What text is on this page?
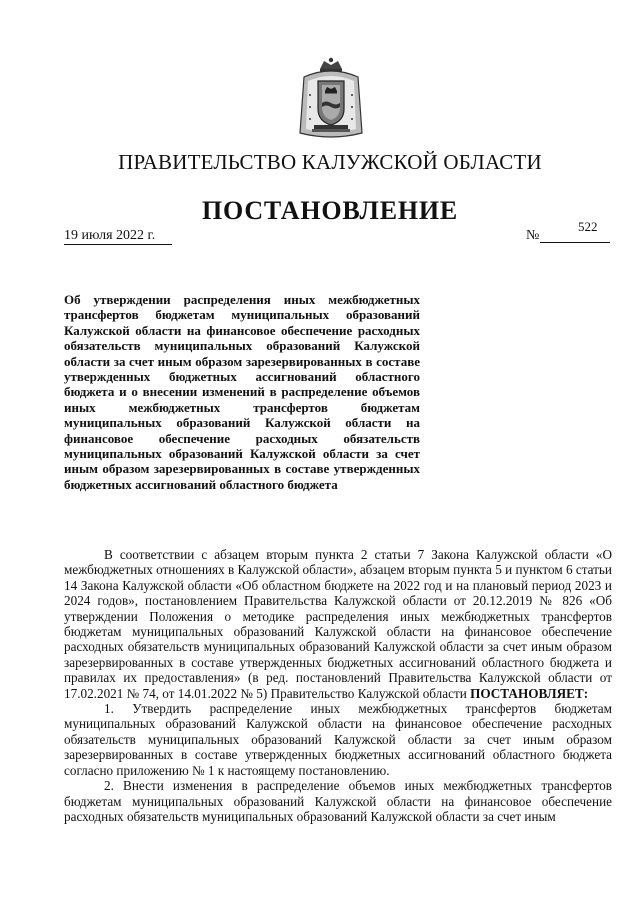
ПРАВИТЕЛЬСТВО КАЛУЖСКОЙ ОБЛАСТИ
ПОСТАНОВЛЕНИЕ
19 июля 2022 г.	№
522
Об утверждении распределения иных межбюджетных трансфертов бюджетам муниципальных образований Калужской области на финансовое обеспечение расходных обязательств муниципальных образований Калужской области за счет иным образом зарезервированных в составе утвержденных бюджетных ассигнований областного бюджета и о внесении изменений в распределение объемов иных межбюджетных трансфертов бюджетам муниципальных образований Калужской области на финансовое обеспечение расходных обязательств муниципальных образований Калужской области за счет иным образом зарезервированных в составе утвержденных бюджетных ассигнований областного бюджета

В соответствии с абзацем вторым пункта 2 статьи 7 Закона Калужской области «О межбюджетных отношениях в Калужской области», абзацем вторым пункта 5 и пунктом 6 статьи 14 Закона Калужской области «Об областном бюджете на 2022 год и на плановый период 2023 и 2024 годов», постановлением Правительства Калужской области от 20.12.2019 № 826 «Об утверждении Положения о методике распределения иных межбюджетных трансфертов бюджетам муниципальных образований Калужской области на финансовое обеспечение расходных обязательств муниципальных образований Калужской области за счет иным образом зарезервированных в составе утвержденных бюджетных ассигнований областного бюджета и правилах их предоставления» (в ред. постановлений Правительства Калужской области от 17.02.2021 № 74, от 14.01.2022 № 5) Правительство Калужской области ПОСТАНОВЛЯЕТ:

1. Утвердить распределение иных межбюджетных трансфертов бюджетам муниципальных образований Калужской области на финансовое обеспечение расходных обязательств муниципальных образований Калужской области за счет иным образом зарезервированных в составе утвержденных бюджетных ассигнований областного бюджета согласно приложению № 1 к настоящему постановлению.

2. Внести изменения в распределение объемов иных межбюджетных трансфертов бюджетам муниципальных образований Калужской области на финансовое обеспечение расходных обязательств муниципальных образований Калужской области за счет иным
